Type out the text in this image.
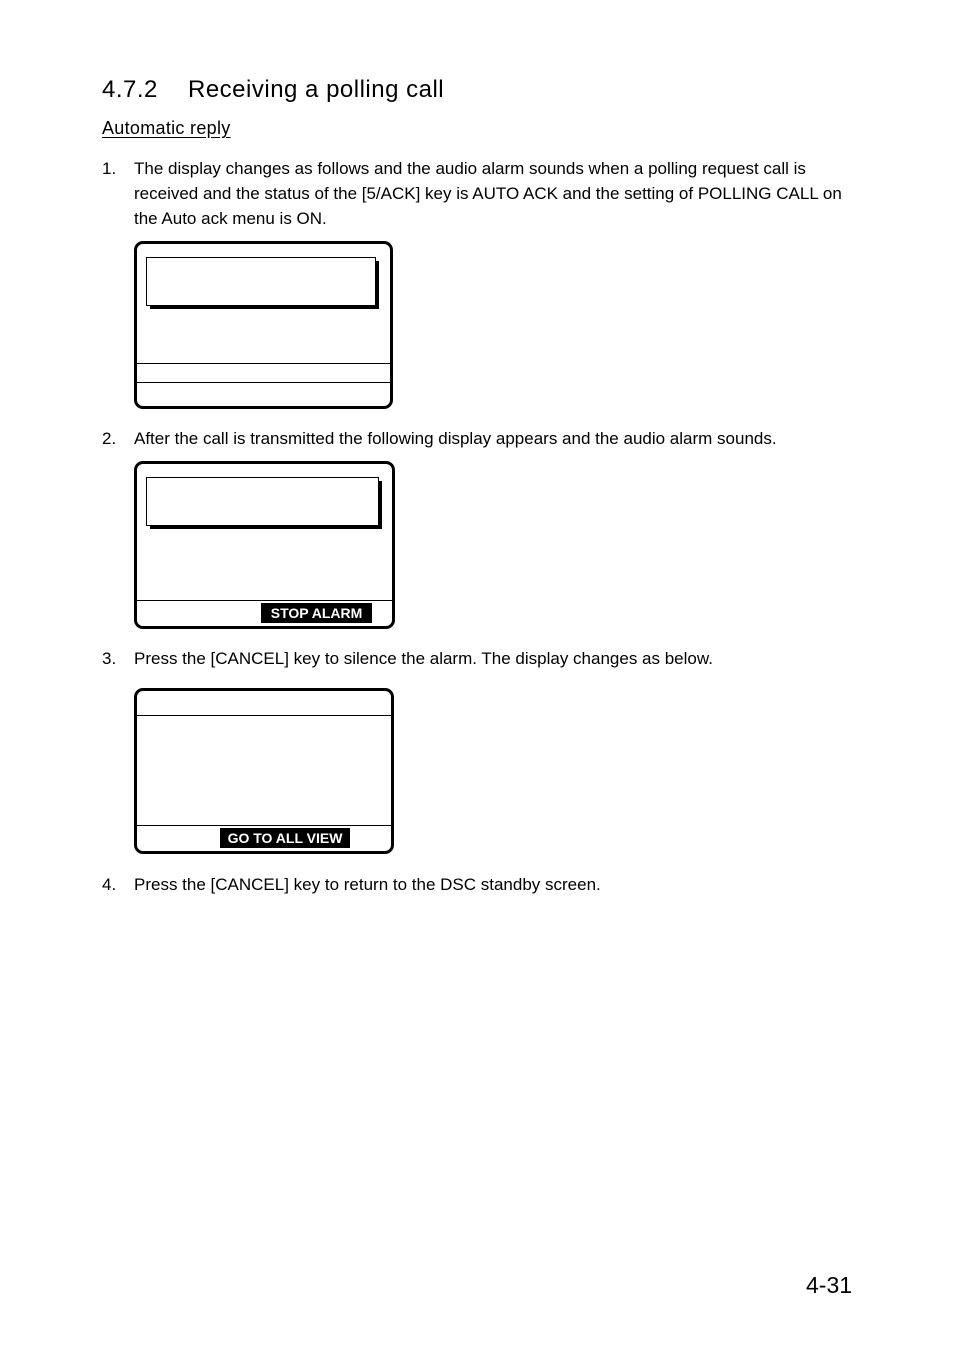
4.7.2 Receiving a polling call
Automatic reply
1. The display changes as follows and the audio alarm sounds when a polling request call is received and the status of the [5/ACK] key is AUTO ACK and the setting of POLLING CALL on the Auto ack menu is ON.
2. After the call is transmitted the following display appears and the audio alarm sounds.
STOP ALARM
3. Press the [CANCEL] key to silence the alarm. The display changes as below.
GO TO ALL VIEW
4. Press the [CANCEL] key to return to the DSC standby screen.

4-31
